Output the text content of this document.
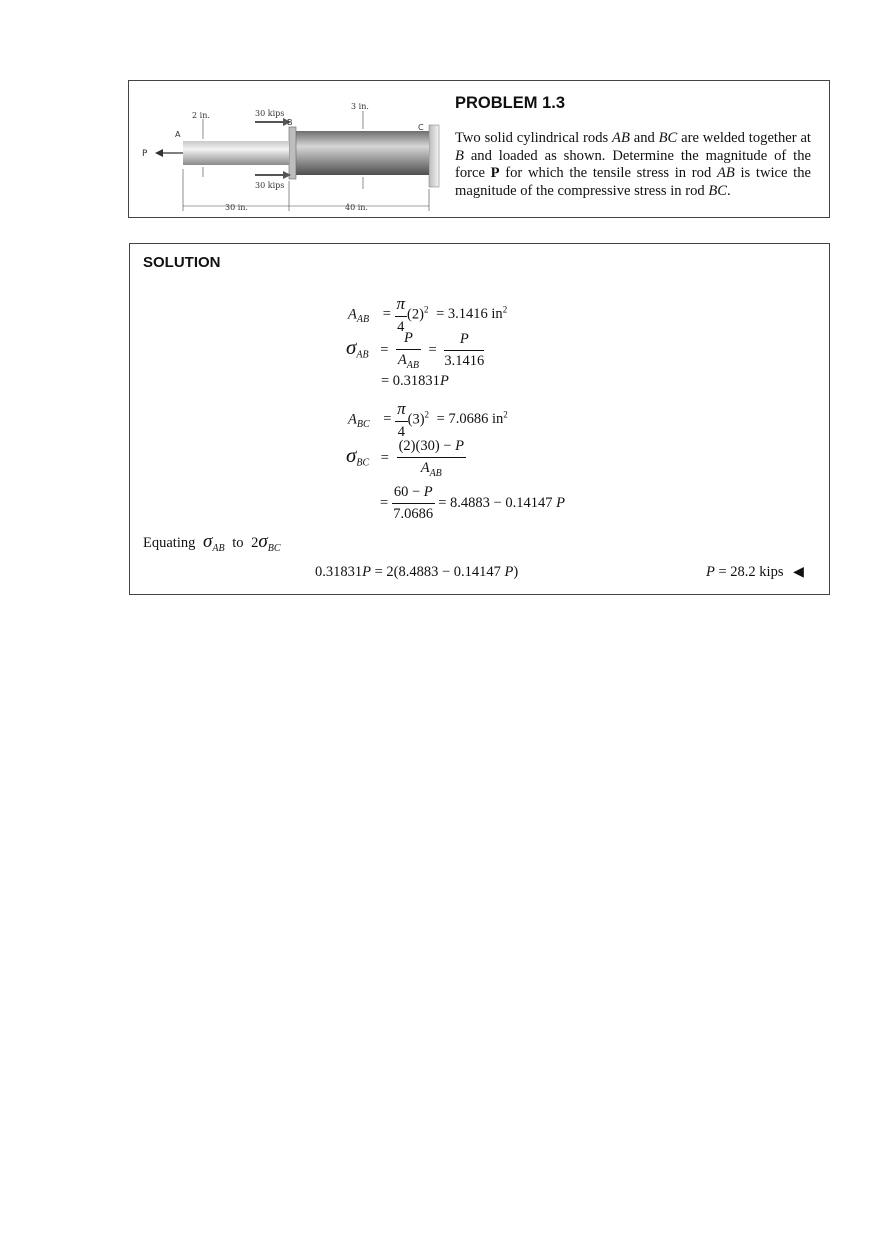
P
A
B
C
2 in.
3 in.
30 kips
30 kips
30 in.	40 in.
PROBLEM 1.3
Two solid cylindrical rods AB and BC are welded together at B and loaded as shown. Determine the magnitude of the force P for which the tensile stress in rod AB is twice the magnitude of the compressive stress in rod BC.
SOLUTION
$A_{AB} = \frac{\pi}{4} (2)^2 = 3.1416$ $in^2$
$\sigma_{AB} = \frac{P}{A_{AB}} = \frac{P}{3.1416}$
= 0.31831P
$A_{BC} = \frac{\pi}{4} (3)^2 = 7.0686$ $in^2$
$\sigma_{BC} = \frac{(2)(30) - P}{A_{AB}}$
= $\frac{60 - P}{7.0686} = 8.4883 - 0.14147$ P
Equating $\sigma_{AB}$ to $2\sigma_{BC}$
0.31831P = 2(8.4883 − 0.14147 P)	P = 28.2 kips ◀
